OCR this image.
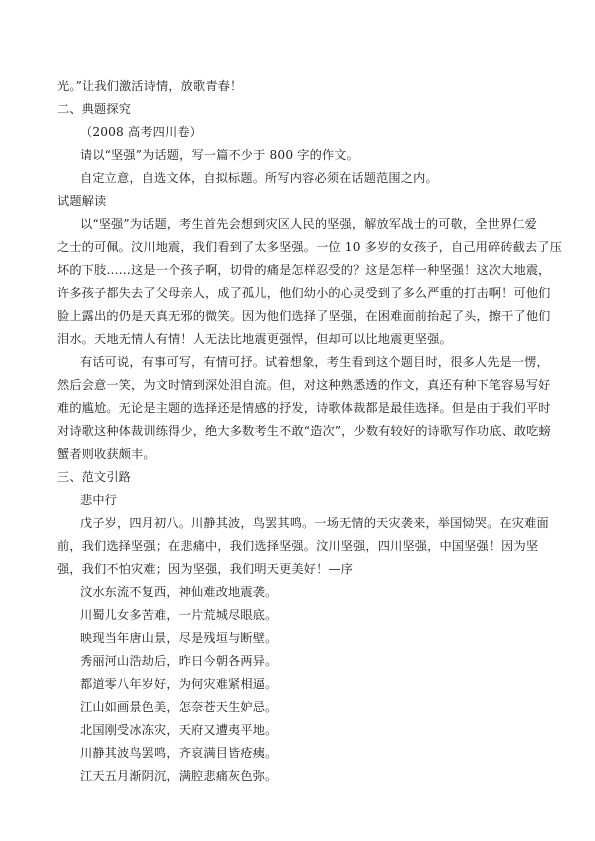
光。”让我们激活诗情，放歌青春！
二、典题探究
（2008 高考四川卷）
请以“坚强”为话题，写一篇不少于 800 字的作文。
自定立意，自选文体，自拟标题。所写内容必须在话题范围之内。
试题解读
以“坚强”为话题，考生首先会想到灾区人民的坚强，解放军战士的可敬，全世界仁爱
之士的可佩。汶川地震，我们看到了太多坚强。一位 10 多岁的女孩子，自己用碎砖截去了压
坏的下肢……这是一个孩子啊，切骨的痛是怎样忍受的？这是怎样一种坚强！这次大地震，
许多孩子都失去了父母亲人，成了孤儿，他们幼小的心灵受到了多么严重的打击啊！可他们
脸上露出的仍是天真无邪的微笑。因为他们选择了坚强，在困难面前抬起了头，擦干了他们
泪水。天地无情人有情！人无法比地震更强悍，但却可以比地震更坚强。
有话可说，有事可写，有情可抒。试着想象，考生看到这个题目时，很多人先是一愣，
然后会意一笑，为文时情到深处泪自流。但，对这种熟悉透的作文，真还有种下笔容易写好
难的尴尬。无论是主题的选择还是情感的抒发，诗歌体裁都是最佳选择。但是由于我们平时
对诗歌这种体裁训练得少，绝大多数考生不敢“造次”，少数有较好的诗歌写作功底、敢吃螃
蟹者则收获颇丰。
三、范文引路
悲中行
戊子岁，四月初八。川静其波，鸟罢其鸣。一场无情的天灾袭来，举国恸哭。在灾难面
前，我们选择坚强；在悲痛中，我们选择坚强。汶川坚强，四川坚强，中国坚强！因为坚
强，我们不怕灾难；因为坚强，我们明天更美好！—序
汶水东流不复西，神仙难改地震袭。
川蜀儿女多苦难，一片荒城尽眼底。
映现当年唐山景，尽是残垣与断壁。
秀丽河山浩劫后，昨日今朝各两异。
都道零八年岁好，为何灾难紧相逼。
江山如画景色美，怎奈苍天生妒忌。
北国刚受冰冻灾，天府又遭夷平地。
川静其波鸟罢鸣，齐哀满目皆疮痍。
江天五月渐阴沉，满腔悲痛灰色弥。
